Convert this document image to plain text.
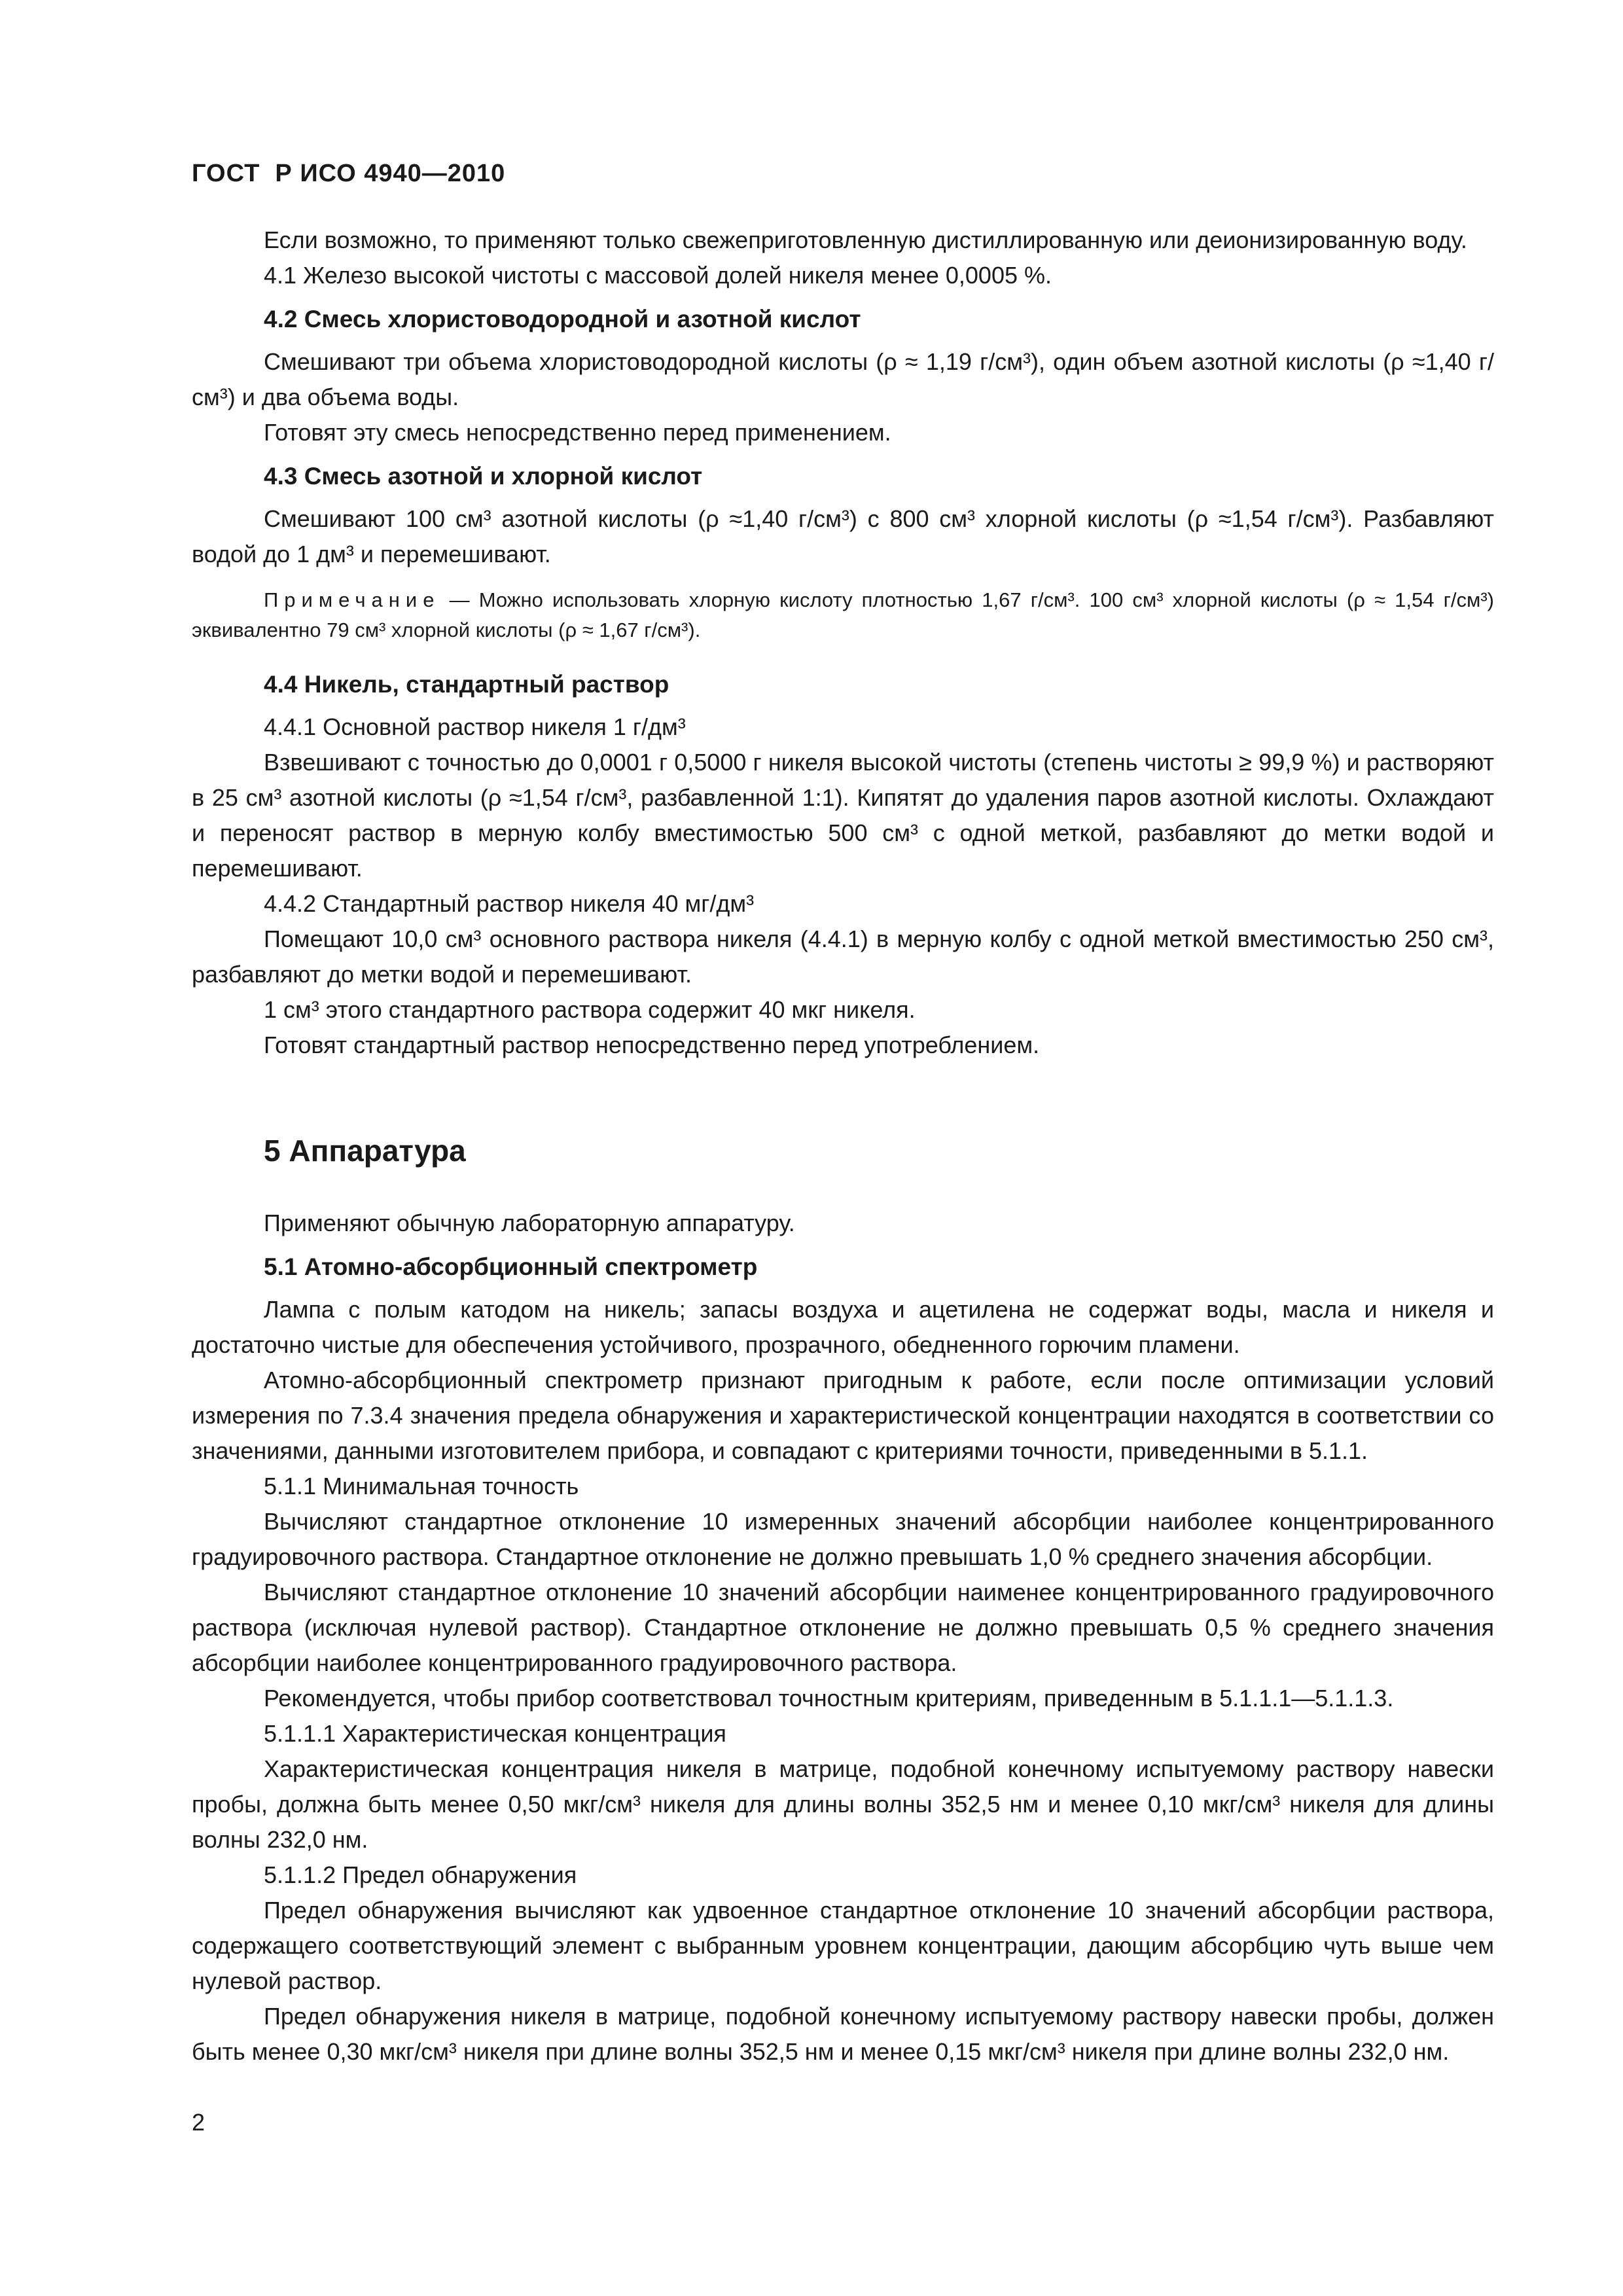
ГОСТ  Р ИСО 4940—2010

Если возможно, то применяют только свежеприготовленную дистиллированную или деионизированную воду.

4.1 Железо высокой чистоты с массовой долей никеля менее 0,0005 %.

4.2 Смесь хлористоводородной и азотной кислот

Смешивают три объема хлористоводородной кислоты (ρ ≈ 1,19 г/см³), один объем азотной кислоты (ρ ≈1,40 г/см³) и два объема воды.

Готовят эту смесь непосредственно перед применением.

4.3 Смесь азотной и хлорной кислот

Смешивают 100 см³ азотной кислоты (ρ ≈1,40 г/см³) с 800 см³ хлорной кислоты (ρ ≈1,54 г/см³). Разбавляют водой до 1 дм³ и перемешивают.

Примечание — Можно использовать хлорную кислоту плотностью 1,67 г/см³. 100 см³ хлорной кислоты (ρ ≈ 1,54 г/см³) эквивалентно 79 см³ хлорной кислоты (ρ ≈ 1,67 г/см³).

4.4 Никель, стандартный раствор

4.4.1 Основной раствор никеля 1 г/дм³

Взвешивают с точностью до 0,0001 г 0,5000 г никеля высокой чистоты (степень чистоты ≥ 99,9 %) и растворяют в 25 см³ азотной кислоты (ρ ≈1,54 г/см³, разбавленной 1:1). Кипятят до удаления паров азотной кислоты. Охлаждают и переносят раствор в мерную колбу вместимостью 500 см³ с одной меткой, разбавляют до метки водой и перемешивают.

4.4.2 Стандартный раствор никеля 40 мг/дм³

Помещают 10,0 см³ основного раствора никеля (4.4.1) в мерную колбу с одной меткой вместимостью 250 см³, разбавляют до метки водой и перемешивают.

1 см³ этого стандартного раствора содержит 40 мкг никеля.

Готовят стандартный раствор непосредственно перед употреблением.

5 Аппаратура

Применяют обычную лабораторную аппаратуру.

5.1 Атомно-абсорбционный спектрометр

Лампа с полым катодом на никель; запасы воздуха и ацетилена не содержат воды, масла и никеля и достаточно чистые для обеспечения устойчивого, прозрачного, обедненного горючим пламени.

Атомно-абсорбционный спектрометр признают пригодным к работе, если после оптимизации условий измерения по 7.3.4 значения предела обнаружения и характеристической концентрации находятся в соответствии со значениями, данными изготовителем прибора, и совпадают с критериями точности, приведенными в 5.1.1.

5.1.1 Минимальная точность

Вычисляют стандартное отклонение 10 измеренных значений абсорбции наиболее концентрированного градуировочного раствора. Стандартное отклонение не должно превышать 1,0 % среднего значения абсорбции.

Вычисляют стандартное отклонение 10 значений абсорбции наименее концентрированного градуировочного раствора (исключая нулевой раствор). Стандартное отклонение не должно превышать 0,5 % среднего значения абсорбции наиболее концентрированного градуировочного раствора.

Рекомендуется, чтобы прибор соответствовал точностным критериям, приведенным в 5.1.1.1—5.1.1.3.

5.1.1.1 Характеристическая концентрация

Характеристическая концентрация никеля в матрице, подобной конечному испытуемому раствору навески пробы, должна быть менее 0,50 мкг/см³ никеля для длины волны 352,5 нм и менее 0,10 мкг/см³ никеля для длины волны 232,0 нм.

5.1.1.2 Предел обнаружения

Предел обнаружения вычисляют как удвоенное стандартное отклонение 10 значений абсорбции раствора, содержащего соответствующий элемент с выбранным уровнем концентрации, дающим абсорбцию чуть выше чем нулевой раствор.

Предел обнаружения никеля в матрице, подобной конечному испытуемому раствору навески пробы, должен быть менее 0,30 мкг/см³ никеля при длине волны 352,5 нм и менее 0,15 мкг/см³ никеля при длине волны 232,0 нм.

2
